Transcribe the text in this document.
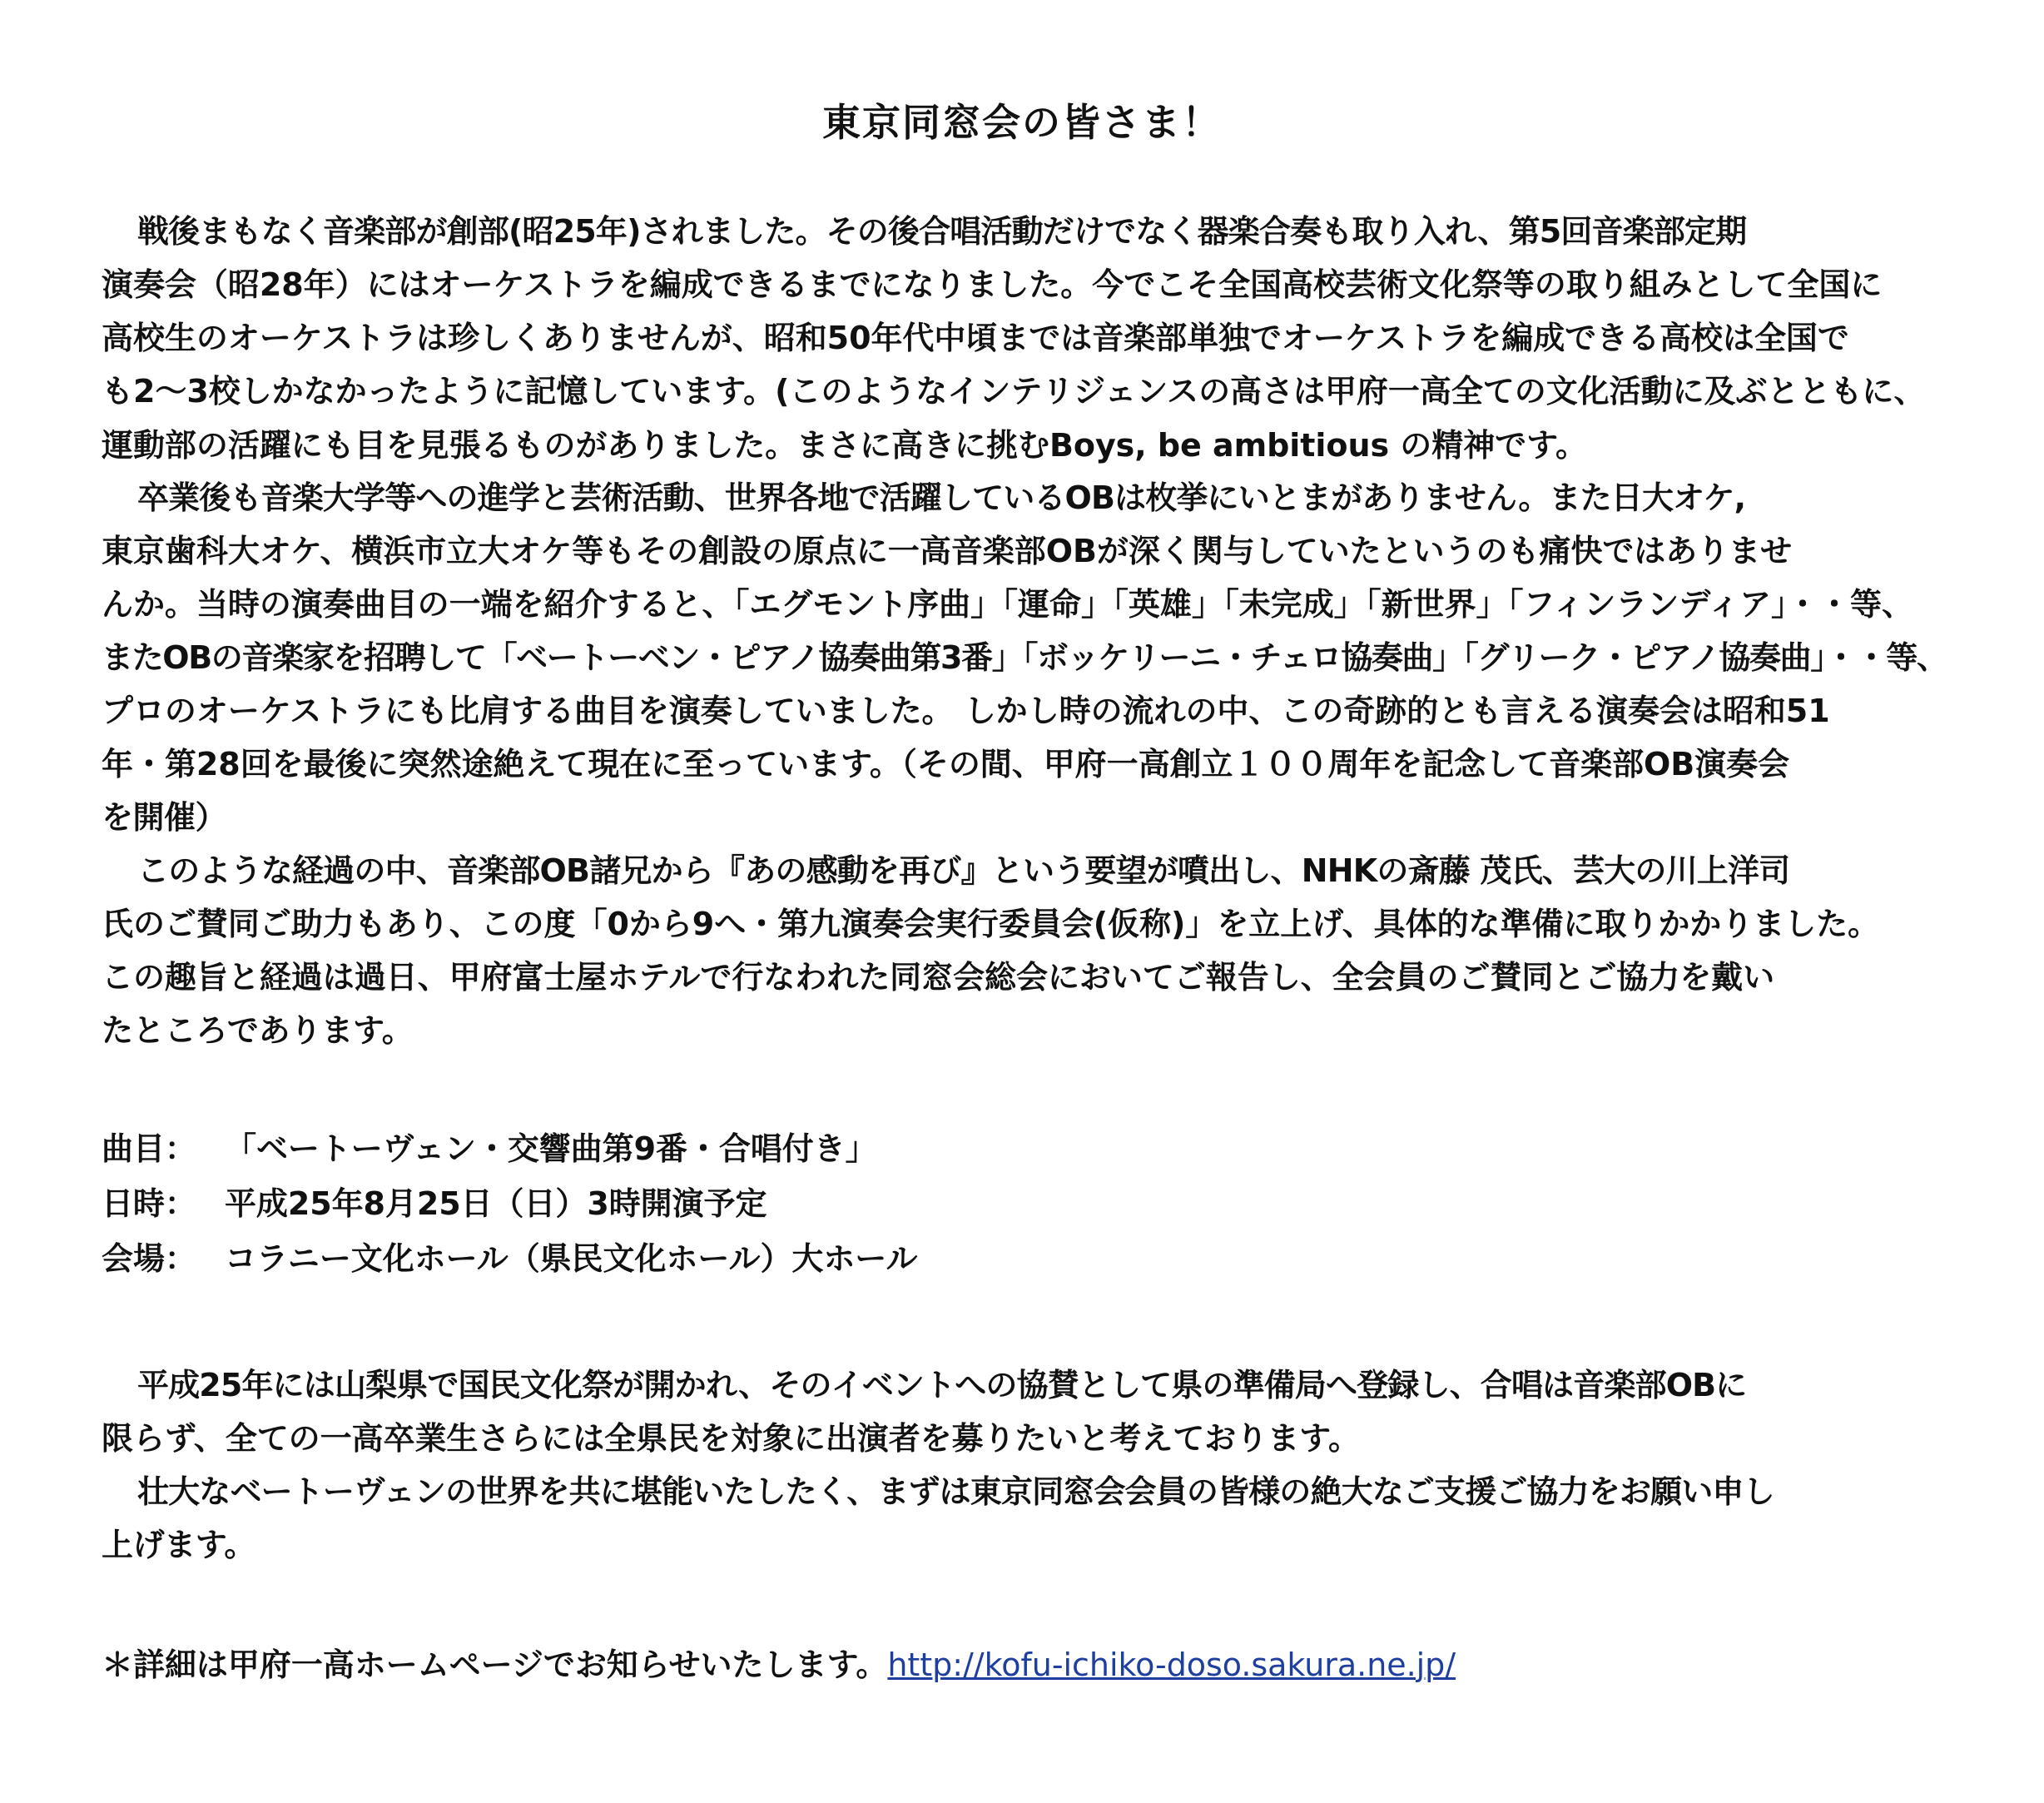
東京同窓会の皆さま！
戦後まもなく音楽部が創部(昭25年)されました。その後合唱活動だけでなく器楽合奏も取り入れ、第5回音楽部定期
演奏会（昭28年）にはオーケストラを編成できるまでになりました。今でこそ全国高校芸術文化祭等の取り組みとして全国に
高校生のオーケストラは珍しくありませんが、昭和50年代中頃までは音楽部単独でオーケストラを編成できる高校は全国で
も2～3校しかなかったように記憶しています。(このようなインテリジェンスの高さは甲府一高全ての文化活動に及ぶとともに、
運動部の活躍にも目を見張るものがありました。まさに高きに挑むBoys, be ambitious の精神です。
卒業後も音楽大学等への進学と芸術活動、世界各地で活躍しているOBは枚挙にいとまがありません。また日大オケ,
東京歯科大オケ、横浜市立大オケ等もその創設の原点に一高音楽部OBが深く関与していたというのも痛快ではありませ
んか。当時の演奏曲目の一端を紹介すると、「エグモント序曲」「運命」「英雄」「未完成」「新世界」「フィンランディア」・・等、
またOBの音楽家を招聘して「ベートーベン・ピアノ協奏曲第3番」「ボッケリーニ・チェロ協奏曲」「グリーク・ピアノ協奏曲」・・等、
プロのオーケストラにも比肩する曲目を演奏していました。 しかし時の流れの中、この奇跡的とも言える演奏会は昭和51
年・第28回を最後に突然途絶えて現在に至っています。（その間、甲府一高創立１００周年を記念して音楽部OB演奏会
を開催）
このような経過の中、音楽部OB諸兄から『あの感動を再び』という要望が噴出し、NHKの斎藤 茂氏、芸大の川上洋司
氏のご賛同ご助力もあり、この度「0から9へ・第九演奏会実行委員会(仮称)」を立上げ、具体的な準備に取りかかりました。
この趣旨と経過は過日、甲府富士屋ホテルで行なわれた同窓会総会においてご報告し、全会員のご賛同とご協力を戴い
たところであります。
曲目： 「ベートーヴェン・交響曲第9番・合唱付き」
日時： 平成25年8月25日（日）3時開演予定
会場： コラニー文化ホール（県民文化ホール）大ホール
平成25年には山梨県で国民文化祭が開かれ、そのイベントへの協賛として県の準備局へ登録し、合唱は音楽部OBに
限らず、全ての一高卒業生さらには全県民を対象に出演者を募りたいと考えております。
壮大なベートーヴェンの世界を共に堪能いたしたく、まずは東京同窓会会員の皆様の絶大なご支援ご協力をお願い申し
上げます。
＊詳細は甲府一高ホームページでお知らせいたします。http://kofu-ichiko-doso.sakura.ne.jp/
